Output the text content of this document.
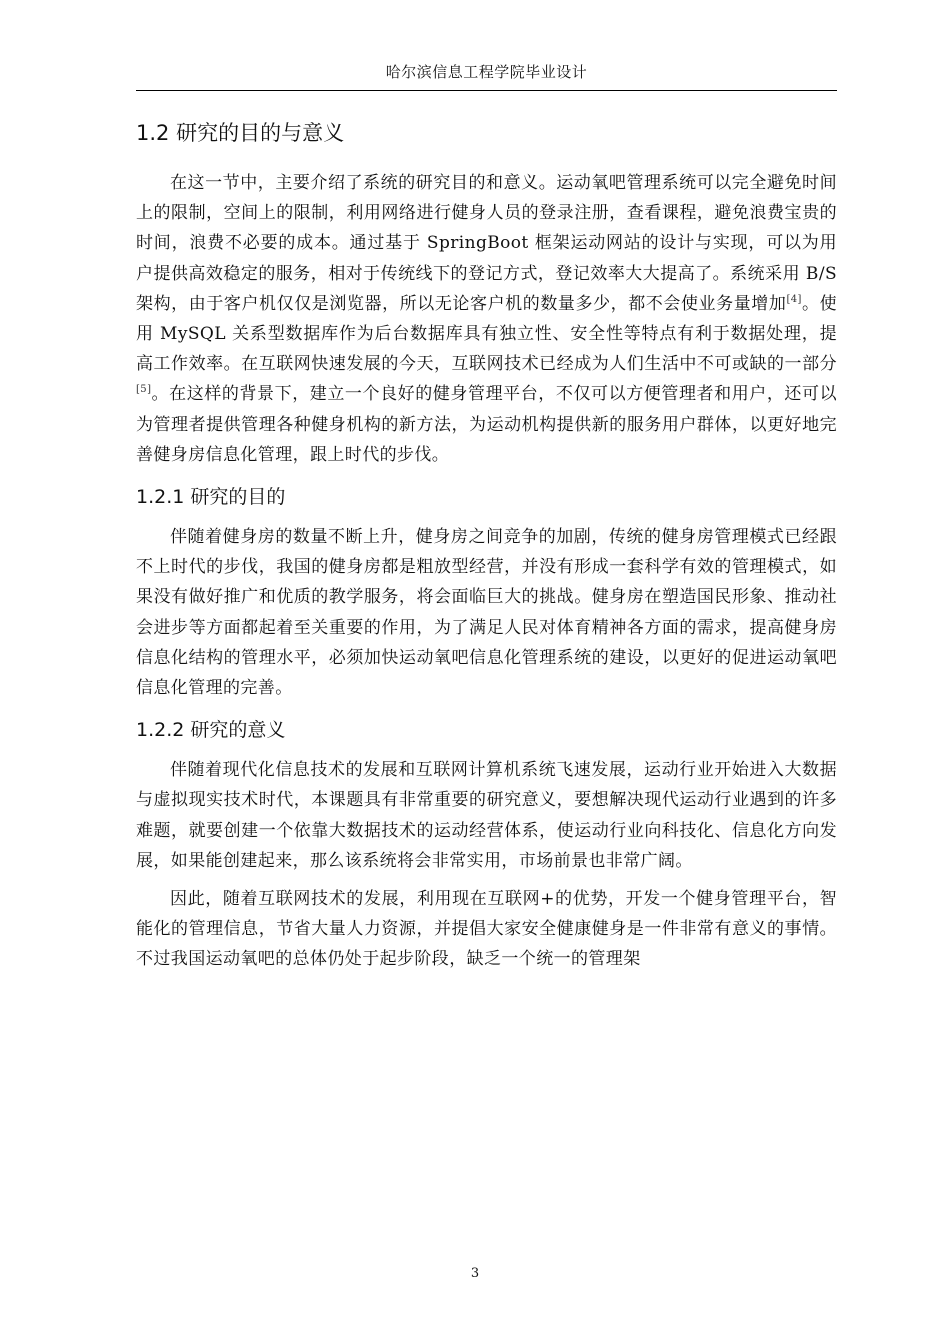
哈尔滨信息工程学院毕业设计
1.2 研究的目的与意义

在这一节中，主要介绍了系统的研究目的和意义。运动氧吧管理系统可以完全避免时间上的限制，空间上的限制，利用网络进行健身人员的登录注册，查看课程，避免浪费宝贵的时间，浪费不必要的成本。通过基于 SpringBoot 框架运动网站的设计与实现，可以为用户提供高效稳定的服务，相对于传统线下的登记方式，登记效率大大提高了。系统采用 B/S 架构，由于客户机仅仅是浏览器，所以无论客户机的数量多少，都不会使业务量增加[4]。使用 MySQL 关系型数据库作为后台数据库具有独立性、安全性等特点有利于数据处理，提高工作效率。在互联网快速发展的今天，互联网技术已经成为人们生活中不可或缺的一部分[5]。在这样的背景下，建立一个良好的健身管理平台，不仅可以方便管理者和用户，还可以为管理者提供管理各种健身机构的新方法，为运动机构提供新的服务用户群体，以更好地完善健身房信息化管理，跟上时代的步伐。

1.2.1 研究的目的

伴随着健身房的数量不断上升，健身房之间竞争的加剧，传统的健身房管理模式已经跟不上时代的步伐，我国的健身房都是粗放型经营，并没有形成一套科学有效的管理模式，如果没有做好推广和优质的教学服务，将会面临巨大的挑战。健身房在塑造国民形象、推动社会进步等方面都起着至关重要的作用，为了满足人民对体育精神各方面的需求，提高健身房信息化结构的管理水平，必须加快运动氧吧信息化管理系统的建设，以更好的促进运动氧吧信息化管理的完善。

1.2.2 研究的意义

伴随着现代化信息技术的发展和互联网计算机系统飞速发展，运动行业开始进入大数据与虚拟现实技术时代，本课题具有非常重要的研究意义，要想解决现代运动行业遇到的许多难题，就要创建一个依靠大数据技术的运动经营体系，使运动行业向科技化、信息化方向发展，如果能创建起来，那么该系统将会非常实用，市场前景也非常广阔。

因此，随着互联网技术的发展，利用现在互联网+的优势，开发一个健身管理平台，智能化的管理信息，节省大量人力资源，并提倡大家安全健康健身是一件非常有意义的事情。不过我国运动氧吧的总体仍处于起步阶段，缺乏一个统一的管理架

3
